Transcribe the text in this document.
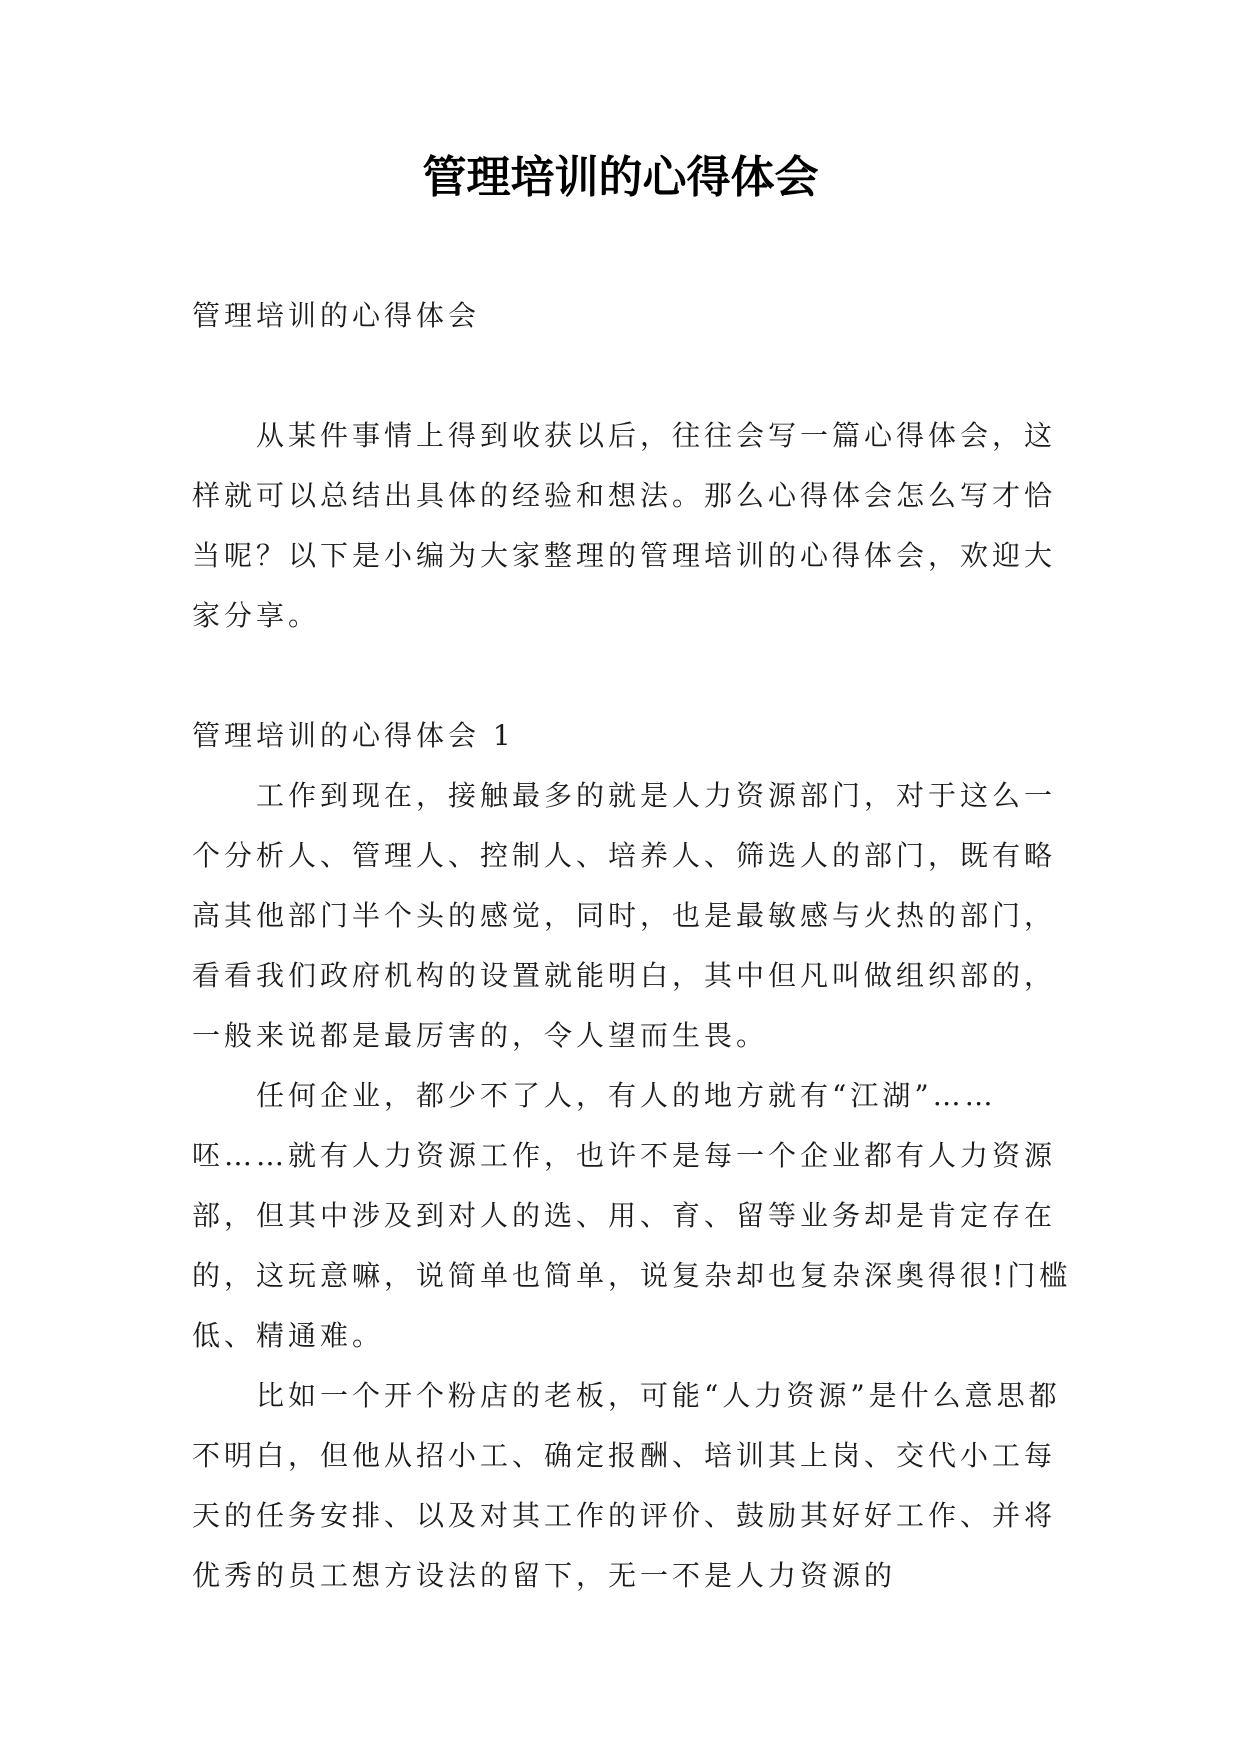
管理培训的心得体会

管理培训的心得体会

从某件事情上得到收获以后，往往会写一篇心得体会，这样就可以总结出具体的经验和想法。那么心得体会怎么写才恰当呢？以下是小编为大家整理的管理培训的心得体会，欢迎大家分享。

管理培训的心得体会 1

工作到现在，接触最多的就是人力资源部门，对于这么一个分析人、管理人、控制人、培养人、筛选人的部门，既有略高其他部门半个头的感觉，同时，也是最敏感与火热的部门，看看我们政府机构的设置就能明白，其中但凡叫做组织部的，一般来说都是最厉害的，令人望而生畏。

任何企业，都少不了人，有人的地方就有“江湖”……呸……就有人力资源工作，也许不是每一个企业都有人力资源部，但其中涉及到对人的选、用、育、留等业务却是肯定存在的，这玩意嘛，说简单也简单，说复杂却也复杂深奥得很!门槛低、精通难。

比如一个开个粉店的老板，可能“人力资源”是什么意思都不明白，但他从招小工、确定报酬、培训其上岗、交代小工每天的任务安排、以及对其工作的评价、鼓励其好好工作、并将优秀的员工想方设法的留下，无一不是人力资源的
